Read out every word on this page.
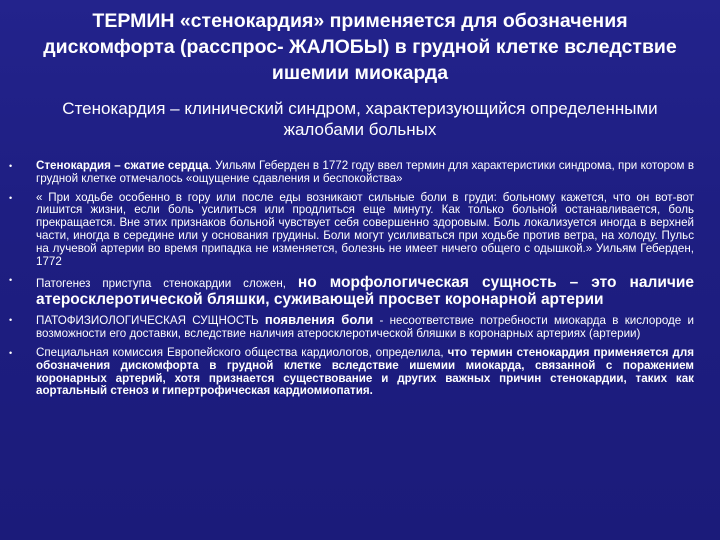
ТЕРМИН «стенокардия» применяется для обозначения дискомфорта (расспрос- ЖАЛОБЫ) в грудной клетке вследствие ишемии миокарда
Стенокардия – клинический синдром, характеризующийся определенными жалобами больных
• Стенокардия – сжатие сердца. Уильям Геберден в 1772 году ввел термин для характеристики синдрома, при котором в грудной клетке отмечалось «ощущение сдавления и беспокойства»
• « При ходьбе особенно в гору или после еды возникают сильные боли в груди: больному кажется, что он вот-вот лишится жизни, если боль усилиться или продлиться еще минуту. Как только больной останавливается, боль прекращается. Вне этих признаков больной чувствует себя совершенно здоровым. Боль локализуется иногда в верхней части, иногда в середине или у основания грудины. Боли могут усиливаться при ходьбе против ветра, на холоду. Пульс на лучевой артерии во время припадка не изменяется, болезнь не имеет ничего общего с одышкой.» Уильям Геберден, 1772
• Патогенез приступа стенокардии сложен, но морфологическая сущность – это наличие атеросклеротической бляшки, суживающей просвет коронарной артерии
• ПАТОФИЗИОЛОГИЧЕСКАЯ СУЩНОСТЬ появления боли - несоответствие потребности миокарда в кислороде и возможности его доставки, вследствие наличия атеросклеротической бляшки в коронарных артериях (артерии)
• Специальная комиссия Европейского общества кардиологов, определила, что термин стенокардия применяется для обозначения дискомфорта в грудной клетке вследствие ишемии миокарда, связанной с поражением коронарных артерий, хотя признается существование и других важных причин стенокардии, таких как аортальный стеноз и гипертрофическая кардиомиопатия.
